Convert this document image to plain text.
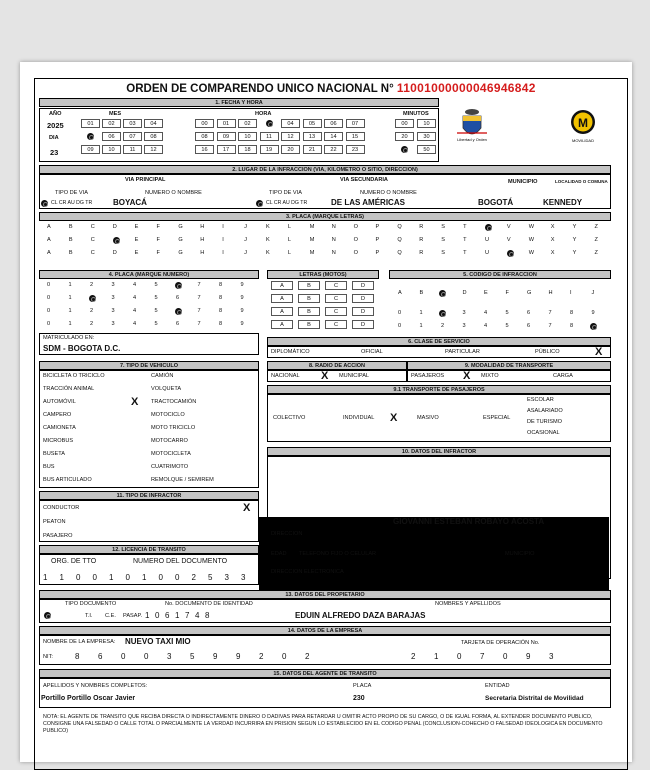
ORDEN DE COMPARENDO UNICO NACIONAL N° 11001000000046946842
1. FECHA Y HORA
AÑO
2025
DIA
23
MES
01	02	03	04
06	07	08
09	10	11	12
HORA
00	01	02	04	05	06	07
08	09	10	11	12	13	14	15
16	17	18	19	20	21	22	23
MINUTOS
00	10
20	30
50
Libertad y Orden
M
MOVILIDAD
2. LUGAR DE LA INFRACCION (VIA, KILOMETRO O SITIO, DIRECCION)
VIA PRINCIPAL	VIA SECUNDARIA	MUNICIPIO	LOCALIDAD O COMUNA
TIPO DE VIA	NUMERO O NOMBRE	TIPO DE VIA	NUMERO O NOMBRE
CL CR AU DG TR	BOYACÁ	CL CR AU DG TR	DE LAS AMÉRICAS	BOGOTÁ	KENNEDY
3. PLACA (MARQUE LETRAS)
A	B	C	D	E	F	G	H	I	J	K	L	M	N	O	P	Q	R	S	T	V	W	X	Y	Z
A	B	C	E	F	G	H	I	J	K	L	M	N	O	P	Q	R	S	T	U	V	W	X	Y	Z
A	B	C	D	E	F	G	H	I	J	K	L	M	N	O	P	Q	R	S	T	U	W	X	Y	Z
4. PLACA (MARQUE NUMERO)
0	1	2	3	4	5	7	8	9
0	1	3	4	5	6	7	8	9
0	1	2	3	4	5	7	8	9
0	1	2	3	4	5	6	7	8	9
MATRICULADO EN:
SDM - BOGOTA D.C.
LETRAS (MOTOS)
A	B	C	D
A	B	C	D
A	B	C	D
A	B	C	D
5. CODIGO DE INFRACCION
A	B	D	E	F	G	H	I	J
0	1	3	4	5	6	7	8	9
0	1	2	3	4	5	6	7	8
6. CLASE DE SERVICIO
DIPLOMÁTICO	OFICIAL	PARTICULAR	PÚBLICO	X
7. TIPO DE VEHICULO
BICICLETA O TRICICLO	CAMIÓN
TRACCIÓN ANIMAL	VOLQUETA
AUTOMÓVIL	TRACTOCAMIÓN
X
CAMPERO	MOTOCICLO
CAMIONETA	MOTO TRICICLO
MICROBUS	MOTOCARRO
BUSETA	MOTOCICLETA
BUS	CUATRIMOTO
BUS ARTICULADO	REMOLQUE / SEMIREM
8. RADIO DE ACCION
NACIONAL X MUNICIPAL
9. MODALIDAD DE TRANSPORTE
PASAJEROS X MIXTO	CARGA
9.1 TRANSPORTE DE PASAJEROS
COLECTIVO	INDIVIDUAL X	MASIVO	ESPECIAL
ESCOLAR
ASALARIADO
DE TURISMO
OCASIONAL
10. DATOS DEL INFRACTOR
GIOVANNI ESTEBAN ROBAYO ACOSTA
DIRECCION
EDAD TELEFONO FIJO O CELULAR	MUNICIPIO
DIRECCION ELECTRONICA
11. TIPO DE INFRACTOR
CONDUCTOR	X
PEATON
PASAJERO
12. LICENCIA DE TRANSITO
ORG. DE TTO	NUMERO DEL DOCUMENTO
1 1 0 0 1 0 1 0 0 2 5 3 3
13. DATOS DEL PROPIETARIO
TIPO DOCUMENTO	No. DOCUMENTO DE IDENTIDAD	NOMBRES Y APELLIDOS
T.I. C.E. PASAP. 1 0 6 1 7 4 8	EDUIN ALFREDO DAZA BARAJAS
14. DATOS DE LA EMPRESA
NOMBRE DE LA EMPRESA: NUEVO TAXI MIO	TARJETA DE OPERACIÓN No.
NIT:	8 6 0 0 3 5 9 9 2 0 2	2 1 0 7 0 9 3
15. DATOS DEL AGENTE DE TRANSITO
APELLIDOS Y NOMBRES COMPLETOS:
Portillo Portillo Oscar Javier
PLACA
230
ENTIDAD
Secretaria Distrital de Movilidad
NOTA: EL AGENTE DE TRANSITO QUE RECIBA DIRECTA O INDIRECTAMENTE DINERO O DADIVAS PARA RETARDAR U OMITIR ACTO PROPIO DE SU CARGO, O DE IGUAL FORMA, AL EXTENDER DOCUMENTO PUBLICO, CONSIGNE UNA FALSEDAD O CALLE TOTAL O PARCIALMENTE LA VERDAD INCURRIRA EN PRISION SEGUN LO ESTABLECIDO EN EL CODIGO PENAL (CONCLUSION-COHECHO O FALSEDAD IDEOLOGICA EN DOCUMENTO PUBLICO)
